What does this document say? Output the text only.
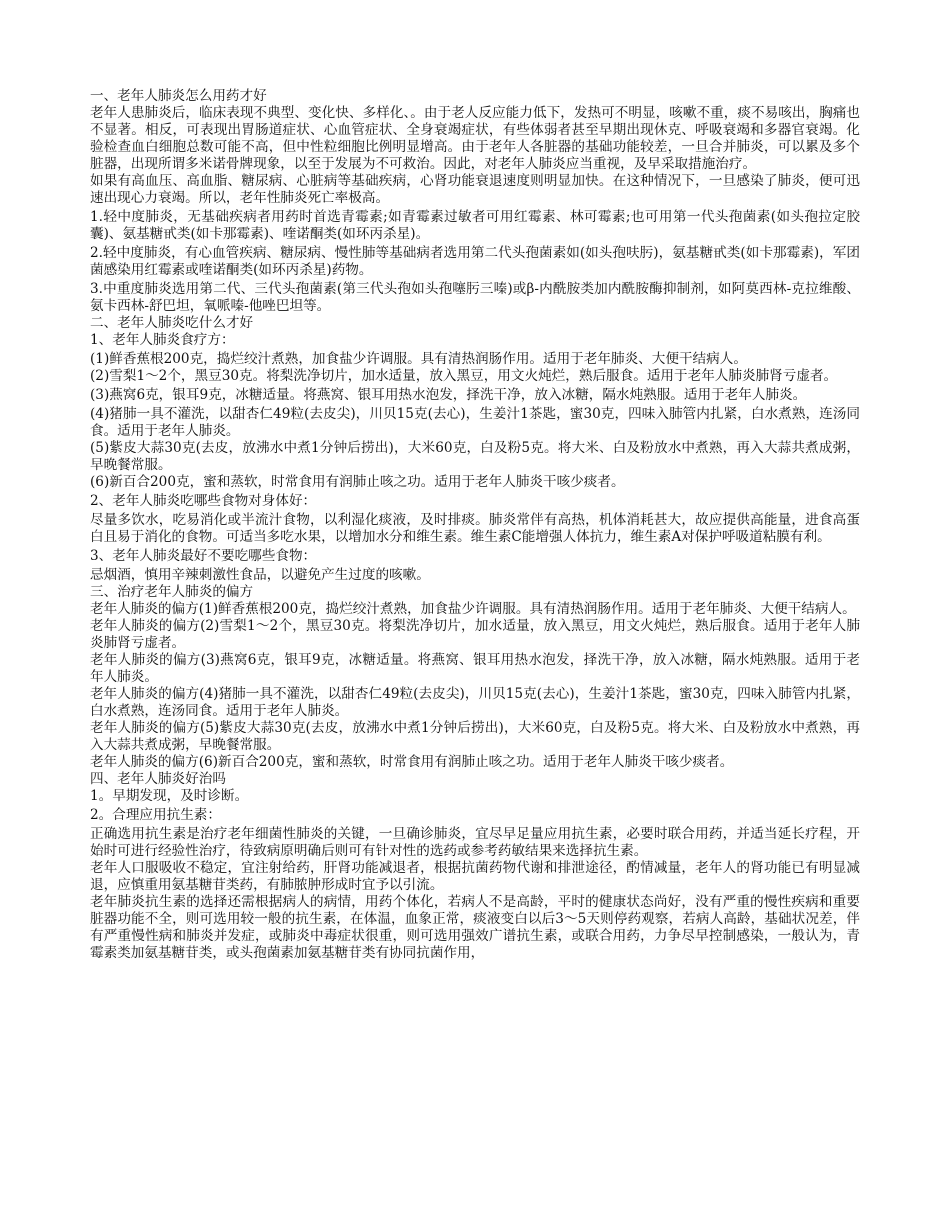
一、老年人肺炎怎么用药才好

老年人患肺炎后，临床表现不典型、变化快、多样化、。由于老人反应能力低下，发热可不明显，咳嗽不重，痰不易咳出，胸痛也不显著。相反，可表现出胃肠道症状、心血管症状、全身衰竭症状，有些体弱者甚至早期出现休克、呼吸衰竭和多器官衰竭。化验检查血白细胞总数可能不高，但中性粒细胞比例明显增高。由于老年人各脏器的基础功能较差，一旦合并肺炎，可以累及多个脏器，出现所谓多米诺骨牌现象，以至于发展为不可救治。因此，对老年人肺炎应当重视，及早采取措施治疗。

如果有高血压、高血脂、糖尿病、心脏病等基础疾病，心肾功能衰退速度则明显加快。在这种情况下，一旦感染了肺炎，便可迅速出现心力衰竭。所以，老年性肺炎死亡率极高。

1.轻中度肺炎，无基础疾病者用药时首选青霉素;如青霉素过敏者可用红霉素、林可霉素;也可用第一代头孢菌素(如头孢拉定胶囊)、氨基糖甙类(如卡那霉素)、喹诺酮类(如环丙杀星)。

2.轻中度肺炎，有心血管疾病、糖尿病、慢性肺等基础病者选用第二代头孢菌素如(如头孢呋肟)，氨基糖甙类(如卡那霉素)，军团菌感染用红霉素或喹诺酮类(如环丙杀星)药物。

3.中重度肺炎选用第二代、三代头孢菌素(第三代头孢如头孢噻肟三嗪)或β-内酰胺类加内酰胺酶抑制剂，如阿莫西林-克拉维酸、氨卡西林-舒巴坦，氧哌嗪-他唑巴坦等。

二、老年人肺炎吃什么才好

1、老年人肺炎食疗方：

(1)鲜香蕉根200克，捣烂绞汁煮熟，加食盐少许调服。具有清热润肠作用。适用于老年肺炎、大便干结病人。

(2)雪梨1～2个，黑豆30克。将梨洗净切片，加水适量，放入黑豆，用文火炖烂，熟后服食。适用于老年人肺炎肺肾亏虚者。

(3)燕窝6克，银耳9克，冰糖适量。将燕窝、银耳用热水泡发，择洗干净，放入冰糖，隔水炖熟服。适用于老年人肺炎。

(4)猪肺一具不灌洗，以甜杏仁49粒(去皮尖)，川贝15克(去心)，生姜汁1茶匙，蜜30克，四味入肺管内扎紧，白水煮熟，连汤同食。适用于老年人肺炎。

(5)紫皮大蒜30克(去皮，放沸水中煮1分钟后捞出)，大米60克，白及粉5克。将大米、白及粉放水中煮熟，再入大蒜共煮成粥，早晚餐常服。

(6)新百合200克，蜜和蒸软，时常食用有润肺止咳之功。适用于老年人肺炎干咳少痰者。

2、老年人肺炎吃哪些食物对身体好：

尽量多饮水，吃易消化或半流汁食物，以利湿化痰液，及时排痰。肺炎常伴有高热，机体消耗甚大，故应提供高能量，进食高蛋白且易于消化的食物。可适当多吃水果，以增加水分和维生素。维生素C能增强人体抗力，维生素A对保护呼吸道粘膜有利。

3、老年人肺炎最好不要吃哪些食物：

忌烟酒，慎用辛辣刺激性食品，以避免产生过度的咳嗽。

三、治疗老年人肺炎的偏方

老年人肺炎的偏方(1)鲜香蕉根200克，捣烂绞汁煮熟，加食盐少许调服。具有清热润肠作用。适用于老年肺炎、大便干结病人。

老年人肺炎的偏方(2)雪梨1～2个，黑豆30克。将梨洗净切片，加水适量，放入黑豆，用文火炖烂，熟后服食。适用于老年人肺炎肺肾亏虚者。

老年人肺炎的偏方(3)燕窝6克，银耳9克，冰糖适量。将燕窝、银耳用热水泡发，择洗干净，放入冰糖，隔水炖熟服。适用于老年人肺炎。

老年人肺炎的偏方(4)猪肺一具不灌洗，以甜杏仁49粒(去皮尖)，川贝15克(去心)，生姜汁1茶匙，蜜30克，四味入肺管内扎紧，白水煮熟，连汤同食。适用于老年人肺炎。

老年人肺炎的偏方(5)紫皮大蒜30克(去皮，放沸水中煮1分钟后捞出)，大米60克，白及粉5克。将大米、白及粉放水中煮熟，再入大蒜共煮成粥，早晚餐常服。

老年人肺炎的偏方(6)新百合200克，蜜和蒸软，时常食用有润肺止咳之功。适用于老年人肺炎干咳少痰者。

四、老年人肺炎好治吗

1。早期发现，及时诊断。

2。合理应用抗生素：

正确选用抗生素是治疗老年细菌性肺炎的关键，一旦确诊肺炎，宜尽早足量应用抗生素，必要时联合用药，并适当延长疗程，开始时可进行经验性治疗，待致病原明确后则可有针对性的选药或参考药敏结果来选择抗生素。

老年人口服吸收不稳定，宜注射给药，肝肾功能减退者，根据抗菌药物代谢和排泄途径，酌情减量，老年人的肾功能已有明显减退，应慎重用氨基糖苷类药，有肺脓肿形成时宜予以引流。

老年肺炎抗生素的选择还需根据病人的病情，用药个体化，若病人不是高龄，平时的健康状态尚好，没有严重的慢性疾病和重要脏器功能不全，则可选用较一般的抗生素，在体温，血象正常，痰液变白以后3～5天则停药观察，若病人高龄，基础状况差，伴有严重慢性病和肺炎并发症，或肺炎中毒症状很重，则可选用强效广谱抗生素，或联合用药，力争尽早控制感染，一般认为，青霉素类加氨基糖苷类，或头孢菌素加氨基糖苷类有协同抗菌作用，
